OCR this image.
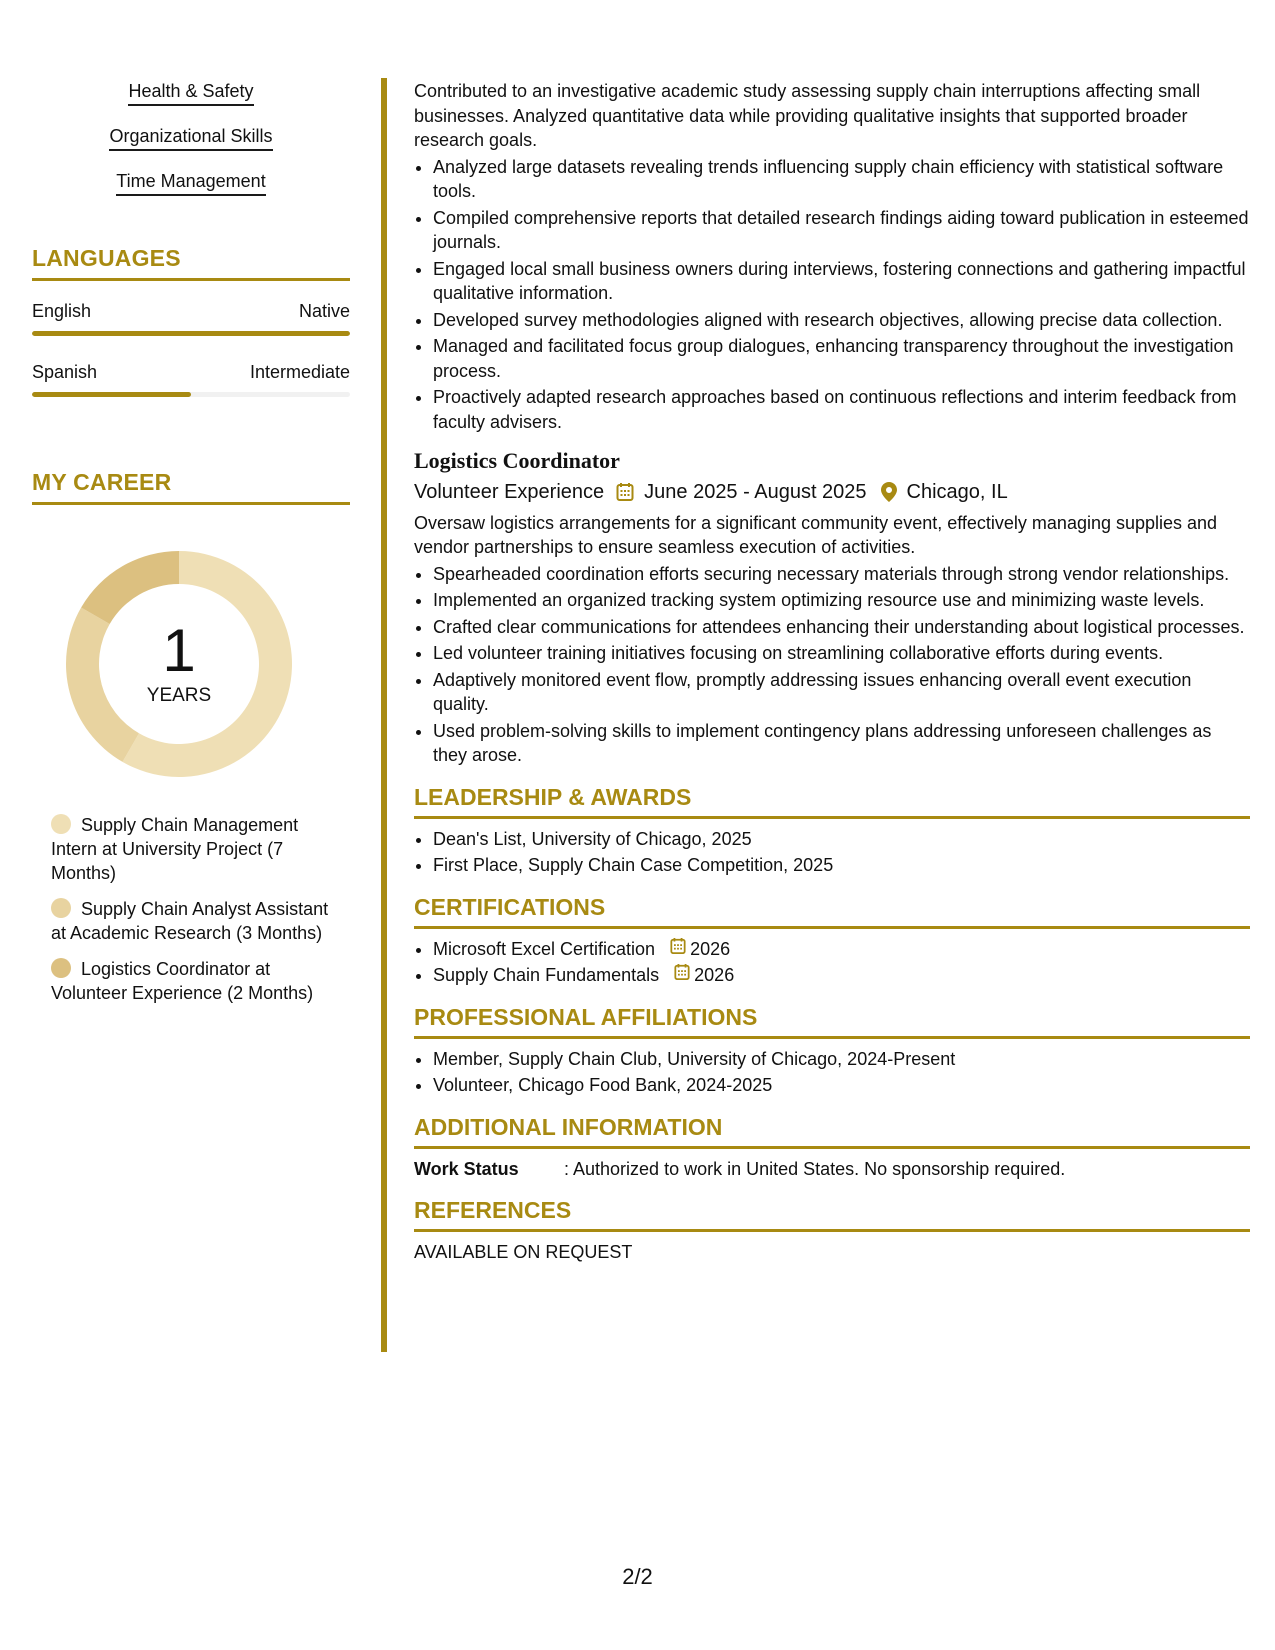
Health & Safety
Organizational Skills
Time Management
LANGUAGES
English	Native
Spanish	Intermediate
MY CAREER
1
YEARS
Supply Chain Management Intern at University Project (7 Months)
Supply Chain Analyst Assistant at Academic Research (3 Months)
Logistics Coordinator at Volunteer Experience (2 Months)

Contributed to an investigative academic study assessing supply chain interruptions affecting small businesses. Analyzed quantitative data while providing qualitative insights that supported broader research goals.

• Analyzed large datasets revealing trends influencing supply chain efficiency with statistical software tools.
• Compiled comprehensive reports that detailed research findings aiding toward publication in esteemed journals.
• Engaged local small business owners during interviews, fostering connections and gathering impactful qualitative information.
• Developed survey methodologies aligned with research objectives, allowing precise data collection.
• Managed and facilitated focus group dialogues, enhancing transparency throughout the investigation process.
• Proactively adapted research approaches based on continuous reflections and interim feedback from faculty advisers.
Logistics Coordinator
Volunteer Experience June 2025 - August 2025 Chicago, IL

Oversaw logistics arrangements for a significant community event, effectively managing supplies and vendor partnerships to ensure seamless execution of activities.

• Spearheaded coordination efforts securing necessary materials through strong vendor relationships.
• Implemented an organized tracking system optimizing resource use and minimizing waste levels.
• Crafted clear communications for attendees enhancing their understanding about logistical processes.
• Led volunteer training initiatives focusing on streamlining collaborative efforts during events.
• Adaptively monitored event flow, promptly addressing issues enhancing overall event execution quality.
• Used problem-solving skills to implement contingency plans addressing unforeseen challenges as they arose.
LEADERSHIP & AWARDS
• Dean's List, University of Chicago, 2025
• First Place, Supply Chain Case Competition, 2025
CERTIFICATIONS
• Microsoft Excel Certification 2026
• Supply Chain Fundamentals 2026
PROFESSIONAL AFFILIATIONS
• Member, Supply Chain Club, University of Chicago, 2024-Present
• Volunteer, Chicago Food Bank, 2024-2025
ADDITIONAL INFORMATION
Work Status	: Authorized to work in United States. No sponsorship required.
REFERENCES
AVAILABLE ON REQUEST
2/2
